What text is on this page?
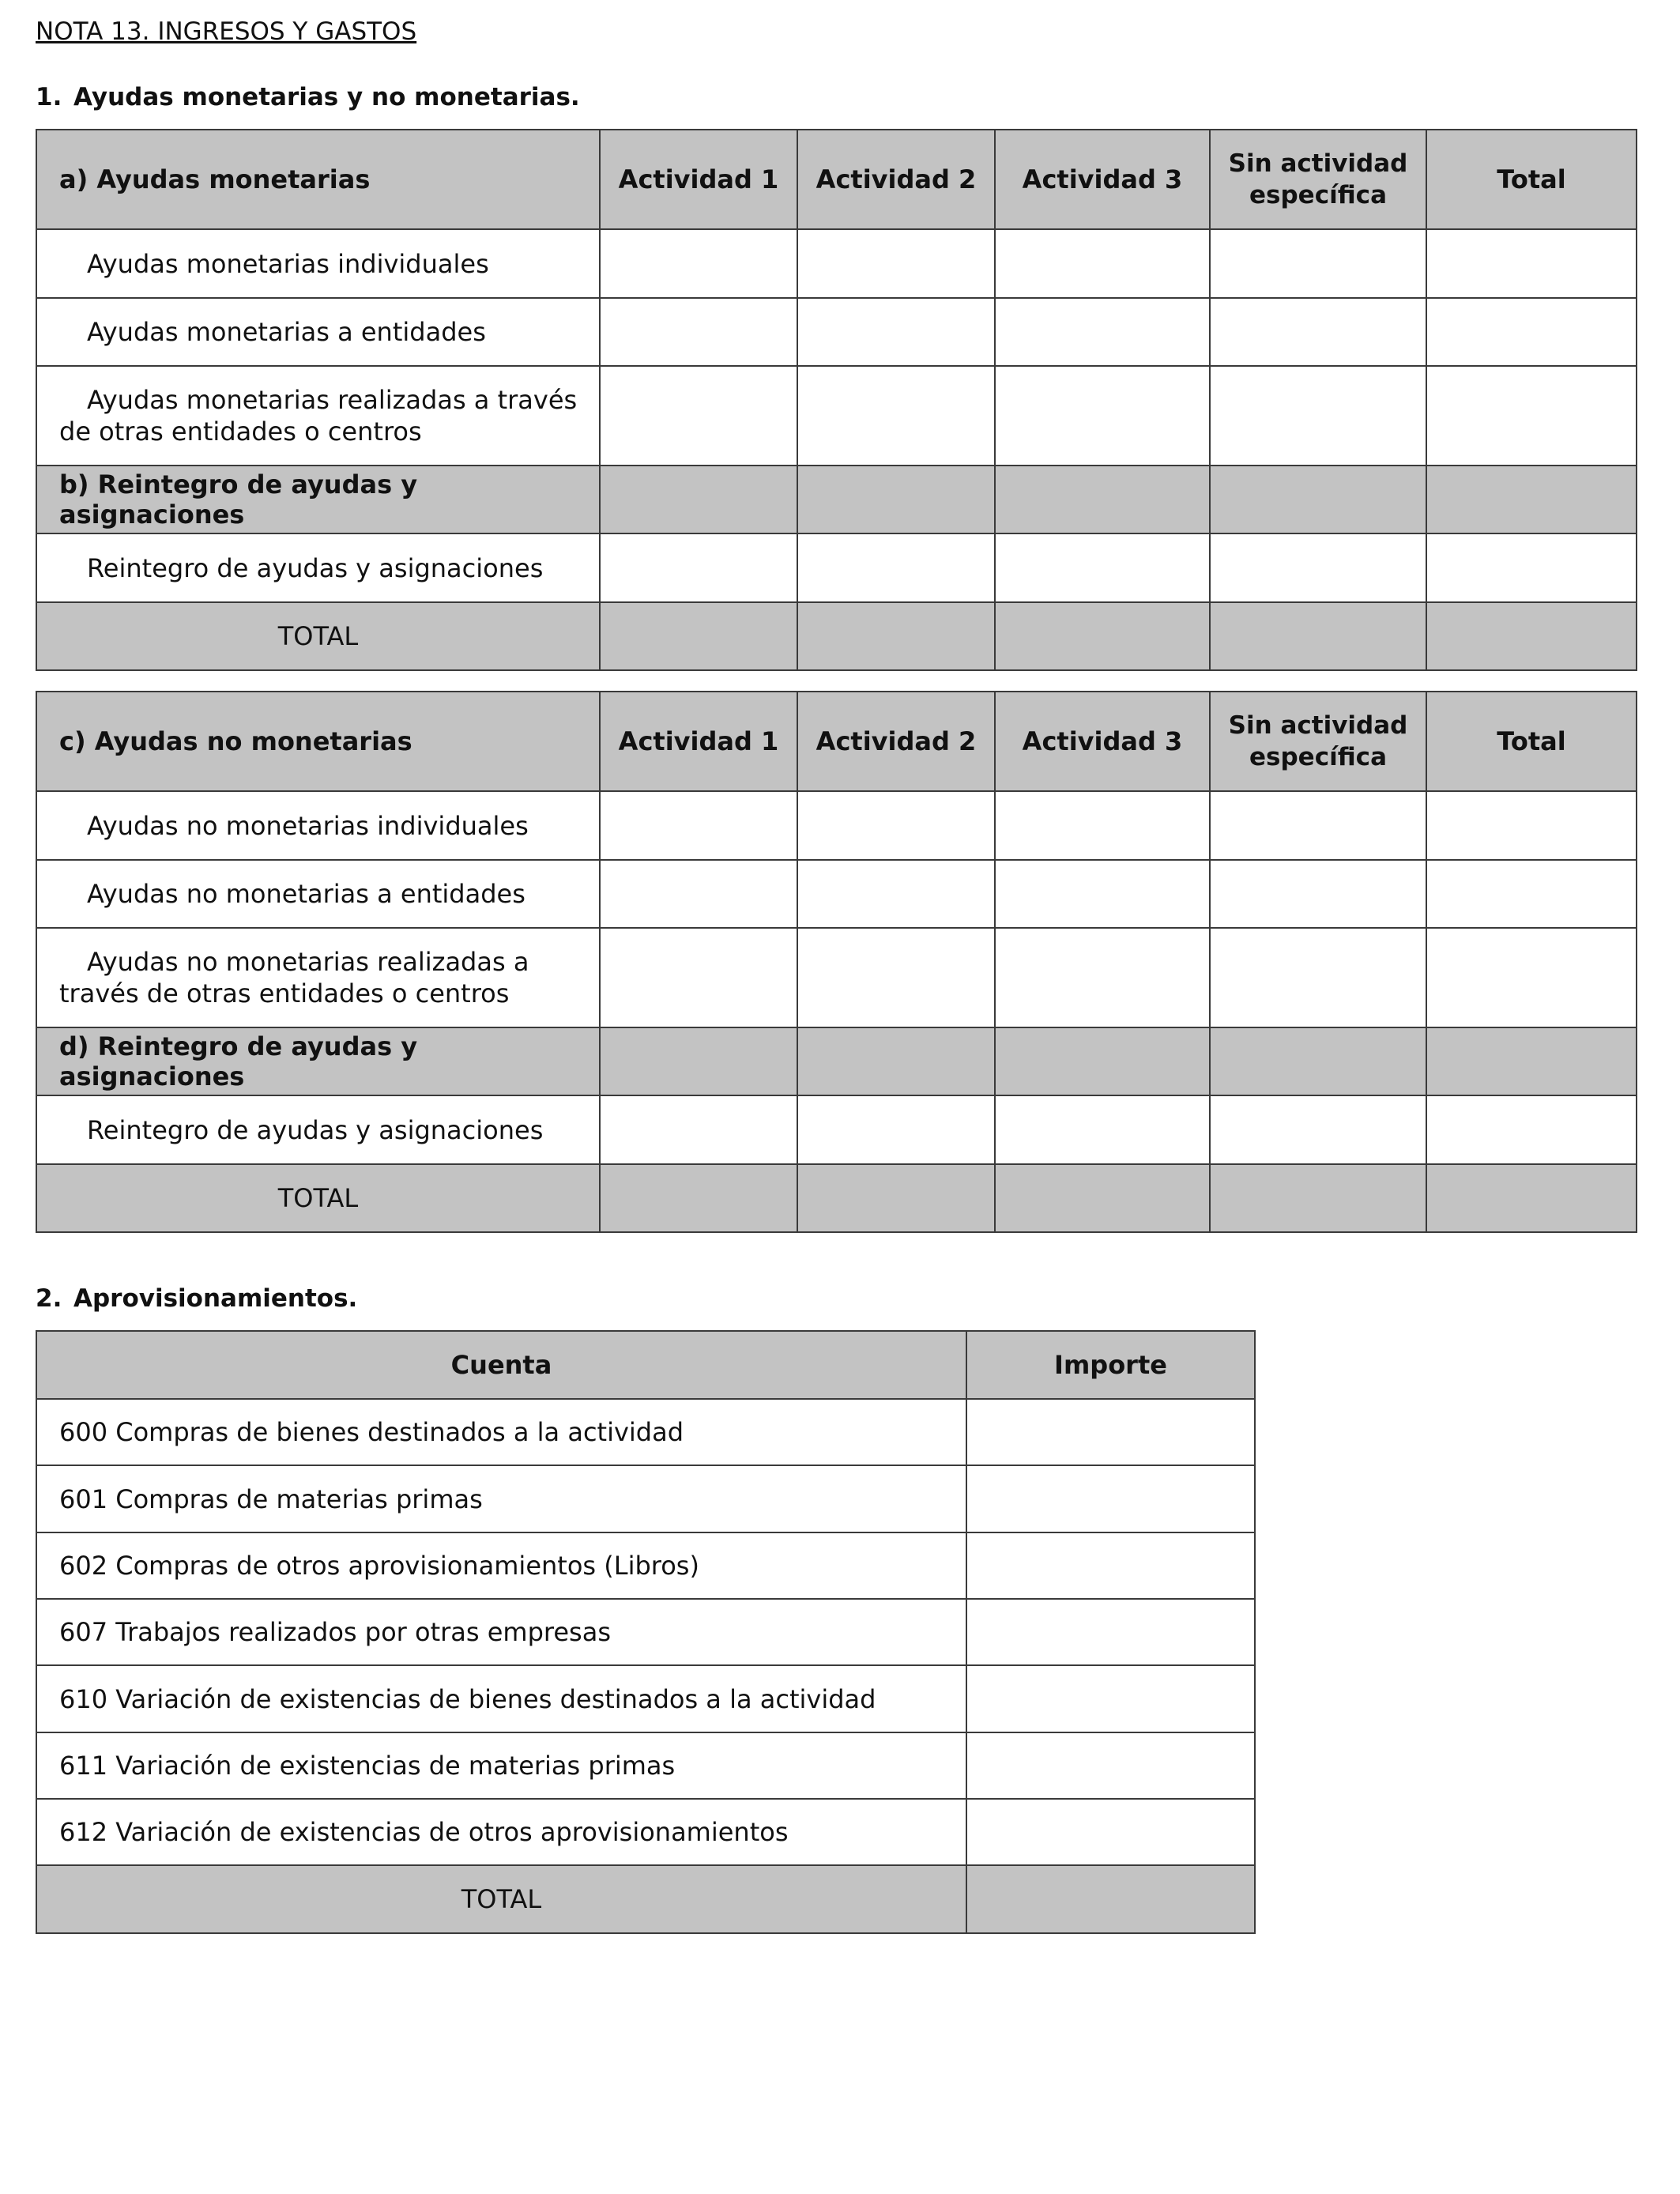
NOTA 13. INGRESOS Y GASTOS
1. Ayudas monetarias y no monetarias.
a) Ayudas monetarias	Actividad 1	Actividad 2	Actividad 3	Sin actividad
específica	Total
Ayudas monetarias individuales					
Ayudas monetarias a entidades					

Ayudas monetarias realizadas a través
de otras entidades o centros					

b) Reintegro de ayudas y asignaciones					
Reintegro de ayudas y asignaciones					
TOTAL					
c) Ayudas no monetarias	Actividad 1	Actividad 2	Actividad 3	Sin actividad
específica	Total
Ayudas no monetarias individuales					
Ayudas no monetarias a entidades					

Ayudas no monetarias realizadas a
través de otras entidades o centros					

d) Reintegro de ayudas y asignaciones					
Reintegro de ayudas y asignaciones					
TOTAL					
2. Aprovisionamientos.
Cuenta	Importe
600 Compras de bienes destinados a la actividad	
601 Compras de materias primas	
602 Compras de otros aprovisionamientos (Libros)	
607 Trabajos realizados por otras empresas	
610 Variación de existencias de bienes destinados a la actividad	
611 Variación de existencias de materias primas	
612 Variación de existencias de otros aprovisionamientos	
TOTAL	
